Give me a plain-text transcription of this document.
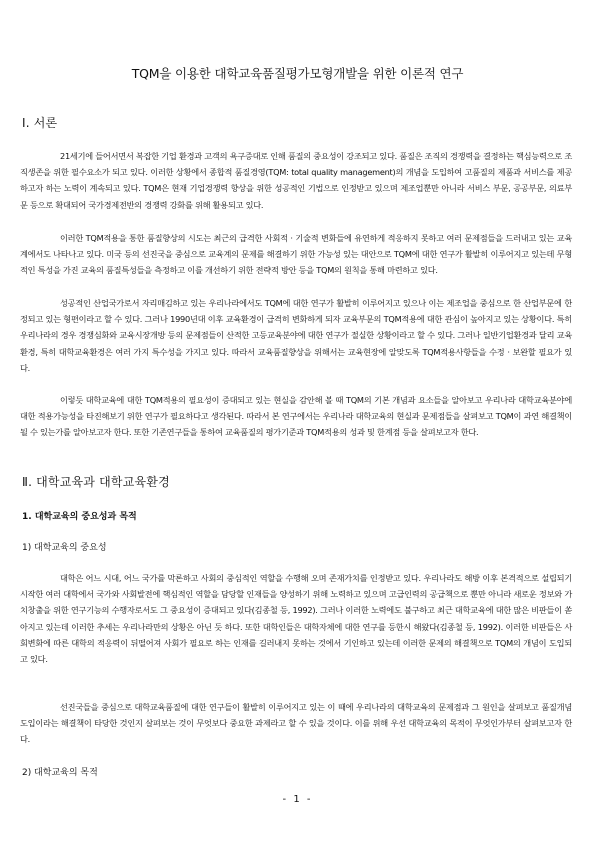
TQM을 이용한 대학교육품질평가모형개발을 위한 이론적 연구
Ⅰ. 서론
21세기에 들어서면서 복잡한 기업 환경과 고객의 욕구증대로 인해 품질의 중요성이 강조되고 있다. 품질은 조직의 경쟁력을 결정하는 핵심능력으로 조직생존을 위한 필수요소가 되고 있다. 이러한 상황에서 종합적 품질경영(TQM: total quality management)의 개념을 도입하여 고품질의 제품과 서비스를 제공하고자 하는 노력이 계속되고 있다. TQM은 현재 기업경쟁력 향상을 위한 성공적인 기법으로 인정받고 있으며 제조업뿐만 아니라 서비스 부문, 공공부문, 의료부문 등으로 확대되어 국가경제전반의 경쟁력 강화를 위해 활용되고 있다.
이러한 TQM적용을 통한 품질향상의 시도는 최근의 급격한 사회적 · 기술적 변화들에 유연하게 적응하지 못하고 여러 문제점들을 드러내고 있는 교육계에서도 나타나고 있다. 미국 등의 선진국을 중심으로 교육계의 문제를 해결하기 위한 가능성 있는 대안으로 TQM에 대한 연구가 활발히 이루어지고 있는데 무형적인 특성을 가진 교육의 품질특성들을 측정하고 이를 개선하기 위한 전략적 방안 등을 TQM의 원칙을 통해 마련하고 있다.
성공적인 산업국가로서 자리매김하고 있는 우리나라에서도 TQM에 대한 연구가 활발히 이루어지고 있으나 이는 제조업을 중심으로 한 산업부문에 한정되고 있는 형편이라고 할 수 있다. 그러나 1990년대 이후 교육환경이 급격히 변화하게 되자 교육부문의 TQM적용에 대한 관심이 높아지고 있는 상황이다. 특히 우리나라의 경우 경쟁심화와 교육시장개방 등의 문제점들이 산적한 고등교육분야에 대한 연구가 절실한 상황이라고 할 수 있다. 그러나 일반기업환경과 달리 교육환경, 특히 대학교육환경은 여러 가지 특수성을 가지고 있다. 따라서 교육품질향상을 위해서는 교육현장에 알맞도록 TQM적용사항들을 수정 · 보완할 필요가 있다.
이렇듯 대학교육에 대한 TQM적용의 필요성이 증대되고 있는 현실을 감안해 볼 때 TQM의 기본 개념과 요소들을 알아보고 우리나라 대학교육분야에 대한 적용가능성을 타진해보기 위한 연구가 필요하다고 생각된다. 따라서 본 연구에서는 우리나라 대학교육의 현실과 문제점들을 살펴보고 TQM이 과연 해결책이 될 수 있는가를 알아보고자 한다. 또한 기존연구들을 통하여 교육품질의 평가기준과 TQM적용의 성과 및 한계점 등을 살펴보고자 한다.
Ⅱ. 대학교육과 대학교육환경
1. 대학교육의 중요성과 목적
1) 대학교육의 중요성
대학은 어느 시대, 어느 국가를 막론하고 사회의 중심적인 역할을 수행해 오며 존재가치를 인정받고 있다. 우리나라도 해방 이후 본격적으로 설립되기 시작한 여러 대학에서 국가와 사회발전에 핵심적인 역할을 담당할 인재들을 양성하기 위해 노력하고 있으며 고급인력의 공급책으로 뿐만 아니라 새로운 정보와 가치창출을 위한 연구기능의 수행자로서도 그 중요성이 증대되고 있다(김종철 등, 1992). 그러나 이러한 노력에도 불구하고 최근 대학교육에 대한 많은 비판들이 쏟아지고 있는데 이러한 추세는 우리나라만의 상황은 아닌 듯 하다. 또한 대학인들은 대학자체에 대한 연구를 등한시 해왔다(김종철 등, 1992). 이러한 비판들은 사회변화에 따른 대학의 적응력이 뒤떨어져 사회가 필요로 하는 인재를 길러내지 못하는 것에서 기인하고 있는데 이러한 문제의 해결책으로 TQM의 개념이 도입되고 있다.
선진국들을 중심으로 대학교육품질에 대한 연구들이 활발히 이루어지고 있는 이 때에 우리나라의 대학교육의 문제점과 그 원인을 살펴보고 품질개념도입이라는 해결책이 타당한 것인지 살펴보는 것이 무엇보다 중요한 과제라고 할 수 있을 것이다. 이를 위해 우선 대학교육의 목적이 무엇인가부터 살펴보고자 한다.
2) 대학교육의 목적
- 1 -
